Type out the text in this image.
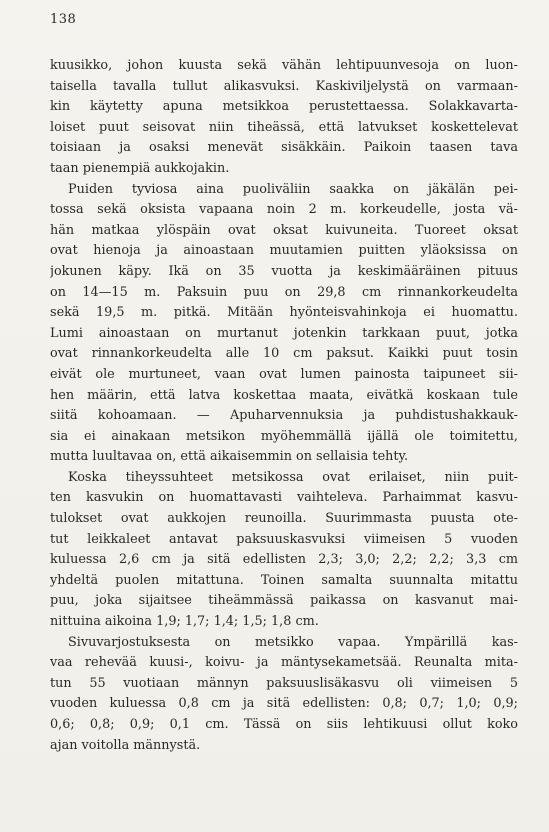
138
kuusikko, johon kuusta sekä vähän lehtipuunvesoja on luon-
taisella tavalla tullut alikasvuksi. Kaskiviljelystä on varmaan-
kin käytetty apuna metsikkoa perustettaessa. Solakkavarta-
loiset puut seisovat niin tiheässä, että latvukset koskettelevat
toisiaan ja osaksi menevät sisäkkäin. Paikoin taasen tava
taan pienempiä aukkojakin.
Puiden tyviosa aina puoliväliin saakka on jäkälän pei-
tossa sekä oksista vapaana noin 2 m. korkeudelle, josta vä-
hän matkaa ylöspäin ovat oksat kuivuneita. Tuoreet oksat
ovat hienoja ja ainoastaan muutamien puitten yläoksissa on
jokunen käpy. Ikä on 35 vuotta ja keskimääräinen pituus
on 14—15 m. Paksuin puu on 29,8 cm rinnankorkeudelta
sekä 19,5 m. pitkä. Mitään hyönteisvahinkoja ei huomattu.
Lumi ainoastaan on murtanut jotenkin tarkkaan puut, jotka
ovat rinnankorkeudelta alle 10 cm paksut. Kaikki puut tosin
eivät ole murtuneet, vaan ovat lumen painosta taipuneet sii-
hen määrin, että latva koskettaa maata, eivätkä koskaan tule
siitä kohoamaan. — Apuharvennuksia ja puhdistushakkauk-
sia ei ainakaan metsikon myöhemmällä ijällä ole toimitettu,
mutta luultavaa on, että aikaisemmin on sellaisia tehty.
Koska tiheyssuhteet metsikossa ovat erilaiset, niin puit-
ten kasvukin on huomattavasti vaihteleva. Parhaimmat kasvu-
tulokset ovat aukkojen reunoilla. Suurimmasta puusta ote-
tut leikkaleet antavat paksuuskasvuksi viimeisen 5 vuoden
kuluessa 2,6 cm ja sitä edellisten 2,3; 3,0; 2,2; 2,2; 3,3 cm
yhdeltä puolen mitattuna. Toinen samalta suunnalta mitattu
puu, joka sijaitsee tiheämmässä paikassa on kasvanut mai-
nittuina aikoina 1,9; 1,7; 1,4; 1,5; 1,8 cm.
Sivuvarjostuksesta on metsikko vapaa. Ympärillä kas-
vaa rehevää kuusi-, koivu- ja mäntysekametsää. Reunalta mita-
tun 55 vuotiaan männyn paksuuslisäkasvu oli viimeisen 5
vuoden kuluessa 0,8 cm ja sitä edellisten: 0,8; 0,7; 1,0; 0,9;
0,6; 0,8; 0,9; 0,1 cm. Tässä on siis lehtikuusi ollut koko
ajan voitolla männystä.
